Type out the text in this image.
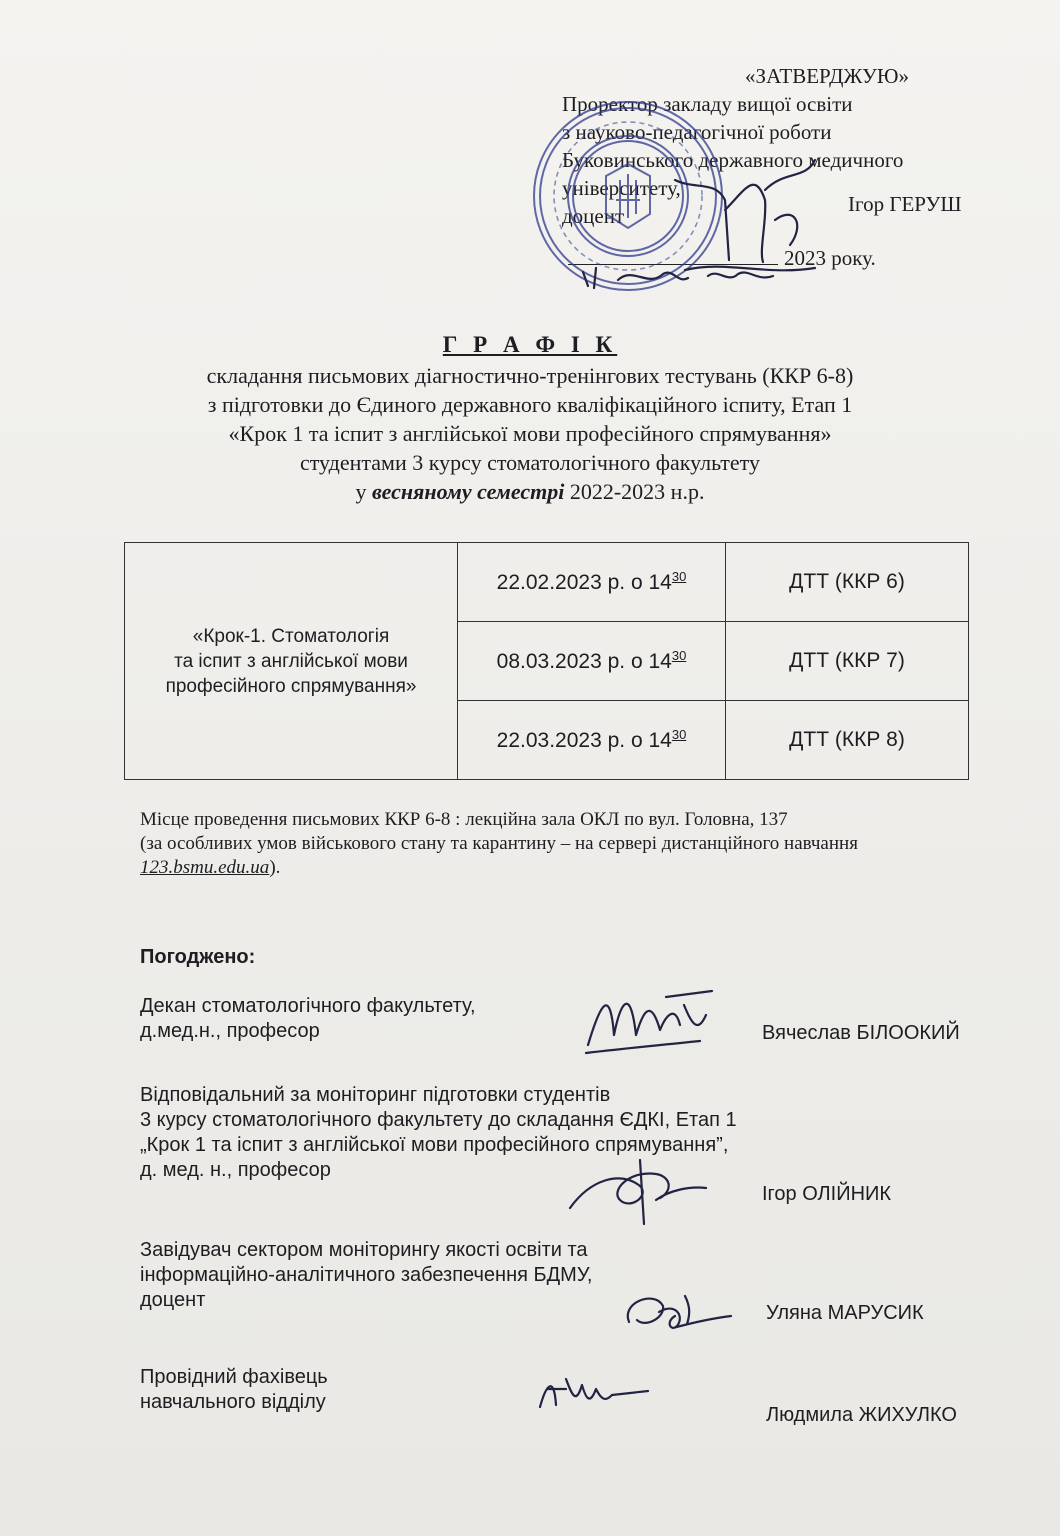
«ЗАТВЕРДЖУЮ»
Проректор закладу вищої освіти
з науково-педагогічної роботи
Буковинського державного медичного
університету,
доцент	Ігор ГЕРУШ
2023 року.
Г Р А Ф І К
складання письмових діагностично-тренінгових тестувань (ККР 6-8)
з підготовки до Єдиного державного кваліфікаційного іспиту, Етап 1
«Крок 1 та іспит з англійської мови професійного спрямування»
студентами 3 курсу стоматологічного факультету
у весняному семестрі 2022-2023 н.р.
«Крок-1. Стоматологія
та іспит з англійської мови
професійного спрямування»	22.02.2023 р. о $14^{30}$	ДТТ (ККР 6)
	08.03.2023 р. о $14^{30}$	ДТТ (ККР 7)
	22.03.2023 р. о $14^{30}$	ДТТ (ККР 8)
Місце проведення письмових ККР 6-8 : лекційна зала ОКЛ по вул. Головна, 137
(за особливих умов військового стану та карантину – на сервері дистанційного навчання
123.bsmu.edu.ua).
Погоджено:
Декан стоматологічного факультету,
д.мед.н., професор	Вячеслав БІЛООКИЙ
Відповідальний за моніторинг підготовки студентів
3 курсу стоматологічного факультету до складання ЄДКІ, Етап 1
„Крок 1 та іспит з англійської мови професійного спрямування”,
д. мед. н., професор
Ігор ОЛІЙНИК
Завідувач сектором моніторингу якості освіти та
інформаційно-аналітичного забезпечення БДМУ,
доцент
Уляна МАРУСИК
Провідний фахівець
навчального відділу
Людмила ЖИХУЛКО
